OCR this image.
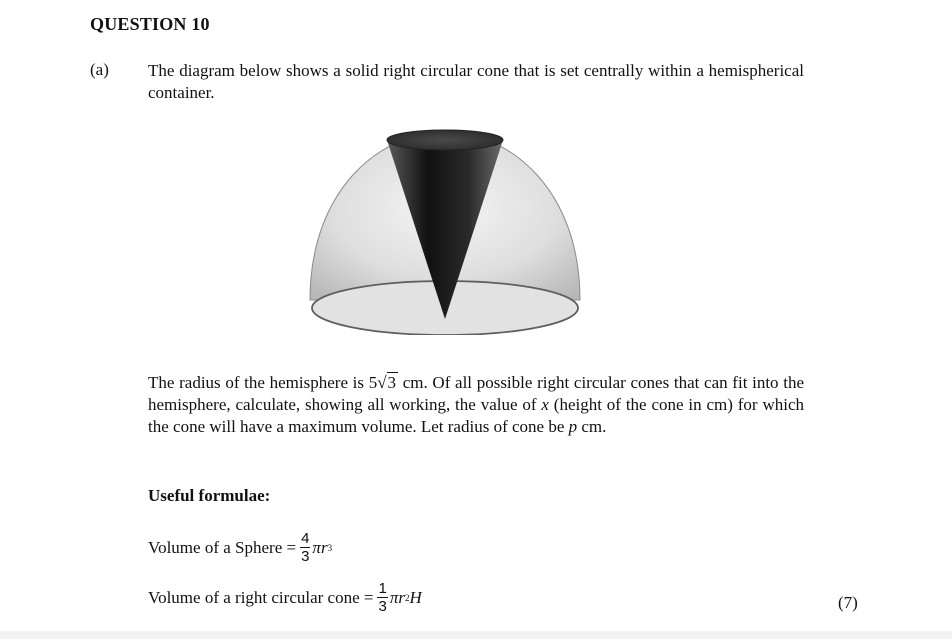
QUESTION 10
(a) The diagram below shows a solid right circular cone that is set centrally within a hemispherical container.
The radius of the hemisphere is 5√3 cm. Of all possible right circular cones that can fit into the hemisphere, calculate, showing all working, the value of x (height of the cone in cm) for which the cone will have a maximum volume. Let radius of cone be p cm.
Useful formulae:
Volume of a Sphere = $\frac{4}{3}$ πr 3
Volume of a right circular cone = $\frac{1}{3}$ πr 2 H	(7)
